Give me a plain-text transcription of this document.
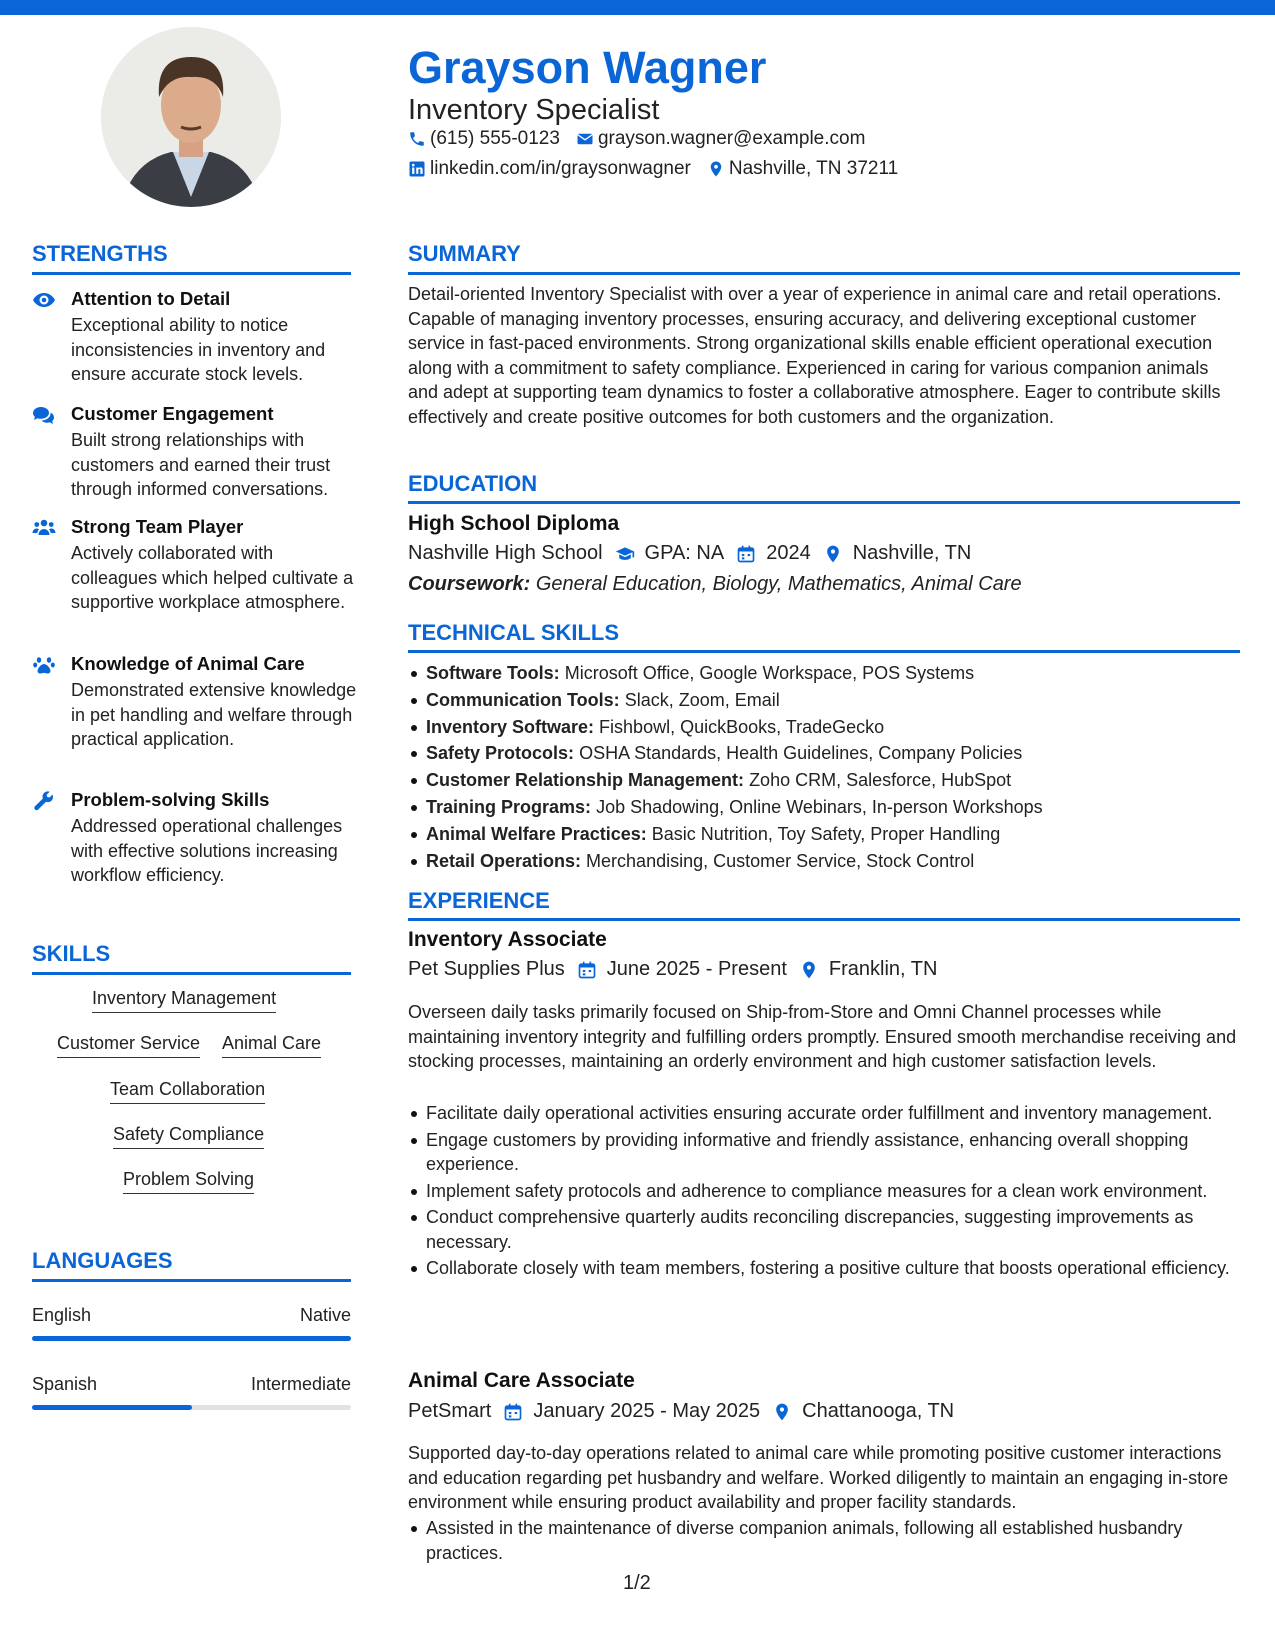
Grayson Wagner
Inventory Specialist
(615) 555-0123 grayson.wagner@example.com
linkedin.com/in/graysonwagner Nashville, TN 37211
STRENGTHS
Attention to Detail
Exceptional ability to notice inconsistencies in inventory and ensure accurate stock levels.
Customer Engagement
Built strong relationships with customers and earned their trust through informed conversations.
Strong Team Player
Actively collaborated with colleagues which helped cultivate a supportive workplace atmosphere.
Knowledge of Animal Care
Demonstrated extensive knowledge in pet handling and welfare through practical application.
Problem-solving Skills
Addressed operational challenges with effective solutions increasing workflow efficiency.
SKILLS
Inventory Management
Customer Service Animal Care
Team Collaboration
Safety Compliance
Problem Solving
LANGUAGES
English	Native
Spanish	Intermediate
SUMMARY
Detail-oriented Inventory Specialist with over a year of experience in animal care and retail operations. Capable of managing inventory processes, ensuring accuracy, and delivering exceptional customer service in fast-paced environments. Strong organizational skills enable efficient operational execution along with a commitment to safety compliance. Experienced in caring for various companion animals and adept at supporting team dynamics to foster a collaborative atmosphere. Eager to contribute skills effectively and create positive outcomes for both customers and the organization.
EDUCATION
High School Diploma
Nashville High School GPA: NA 2024 Nashville, TN
Coursework: General Education, Biology, Mathematics, Animal Care
TECHNICAL SKILLS
Software Tools: Microsoft Office, Google Workspace, POS Systems
Communication Tools: Slack, Zoom, Email
Inventory Software: Fishbowl, QuickBooks, TradeGecko
Safety Protocols: OSHA Standards, Health Guidelines, Company Policies
Customer Relationship Management: Zoho CRM, Salesforce, HubSpot
Training Programs: Job Shadowing, Online Webinars, In-person Workshops
Animal Welfare Practices: Basic Nutrition, Toy Safety, Proper Handling
Retail Operations: Merchandising, Customer Service, Stock Control
EXPERIENCE
Inventory Associate
Pet Supplies Plus June 2025 - Present Franklin, TN
Overseen daily tasks primarily focused on Ship-from-Store and Omni Channel processes while maintaining inventory integrity and fulfilling orders promptly. Ensured smooth merchandise receiving and stocking processes, maintaining an orderly environment and high customer satisfaction levels.
Facilitate daily operational activities ensuring accurate order fulfillment and inventory management.
Engage customers by providing informative and friendly assistance, enhancing overall shopping experience.
Implement safety protocols and adherence to compliance measures for a clean work environment.
Conduct comprehensive quarterly audits reconciling discrepancies, suggesting improvements as necessary.
Collaborate closely with team members, fostering a positive culture that boosts operational efficiency.
Animal Care Associate
PetSmart January 2025 - May 2025 Chattanooga, TN
Supported day-to-day operations related to animal care while promoting positive customer interactions and education regarding pet husbandry and welfare. Worked diligently to maintain an engaging in-store environment while ensuring product availability and proper facility standards.
Assisted in the maintenance of diverse companion animals, following all established husbandry practices.
1/2
